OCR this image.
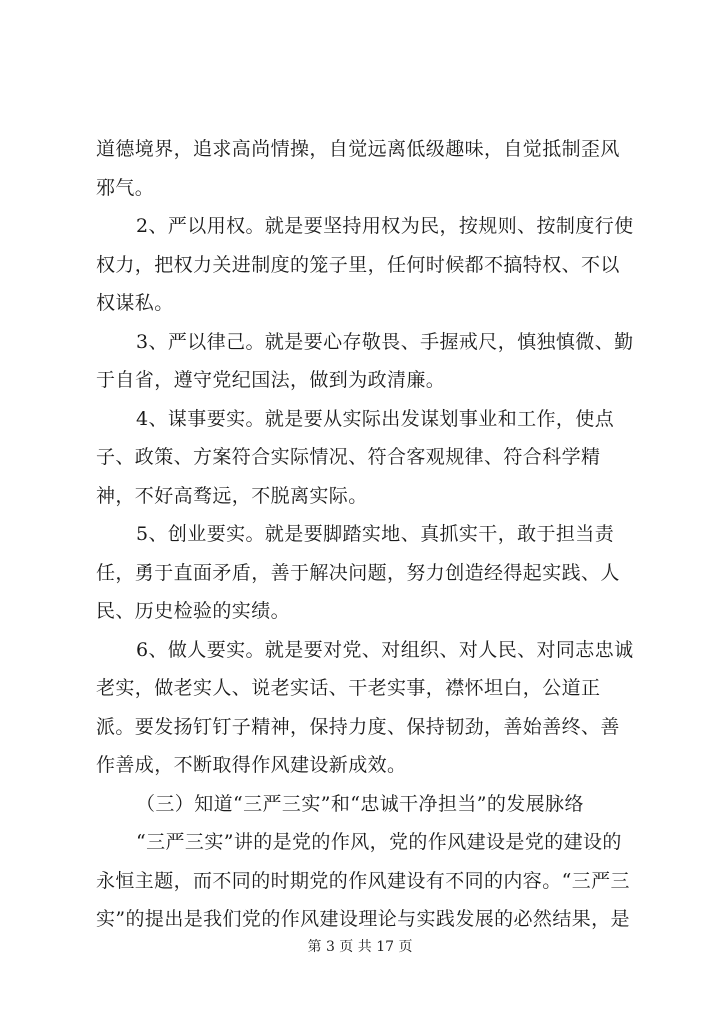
道德境界，追求高尚情操，自觉远离低级趣味，自觉抵制歪风邪气。

2、严以用权。就是要坚持用权为民，按规则、按制度行使权力，把权力关进制度的笼子里，任何时候都不搞特权、不以权谋私。

3、严以律己。就是要心存敬畏、手握戒尺，慎独慎微、勤于自省，遵守党纪国法，做到为政清廉。

4、谋事要实。就是要从实际出发谋划事业和工作，使点子、政策、方案符合实际情况、符合客观规律、符合科学精神，不好高骛远，不脱离实际。

5、创业要实。就是要脚踏实地、真抓实干，敢于担当责任，勇于直面矛盾，善于解决问题，努力创造经得起实践、人民、历史检验的实绩。

6、做人要实。就是要对党、对组织、对人民、对同志忠诚老实，做老实人、说老实话、干老实事，襟怀坦白，公道正派。要发扬钉钉子精神，保持力度、保持韧劲，善始善终、善作善成，不断取得作风建设新成效。

（三）知道“三严三实”和“忠诚干净担当”的发展脉络

“三严三实”讲的是党的作风，党的作风建设是党的建设的永恒主题，而不同的时期党的作风建设有不同的内容。“三严三实”的提出是我们党的作风建设理论与实践发展的必然结果，是

第 3 页 共 17 页
